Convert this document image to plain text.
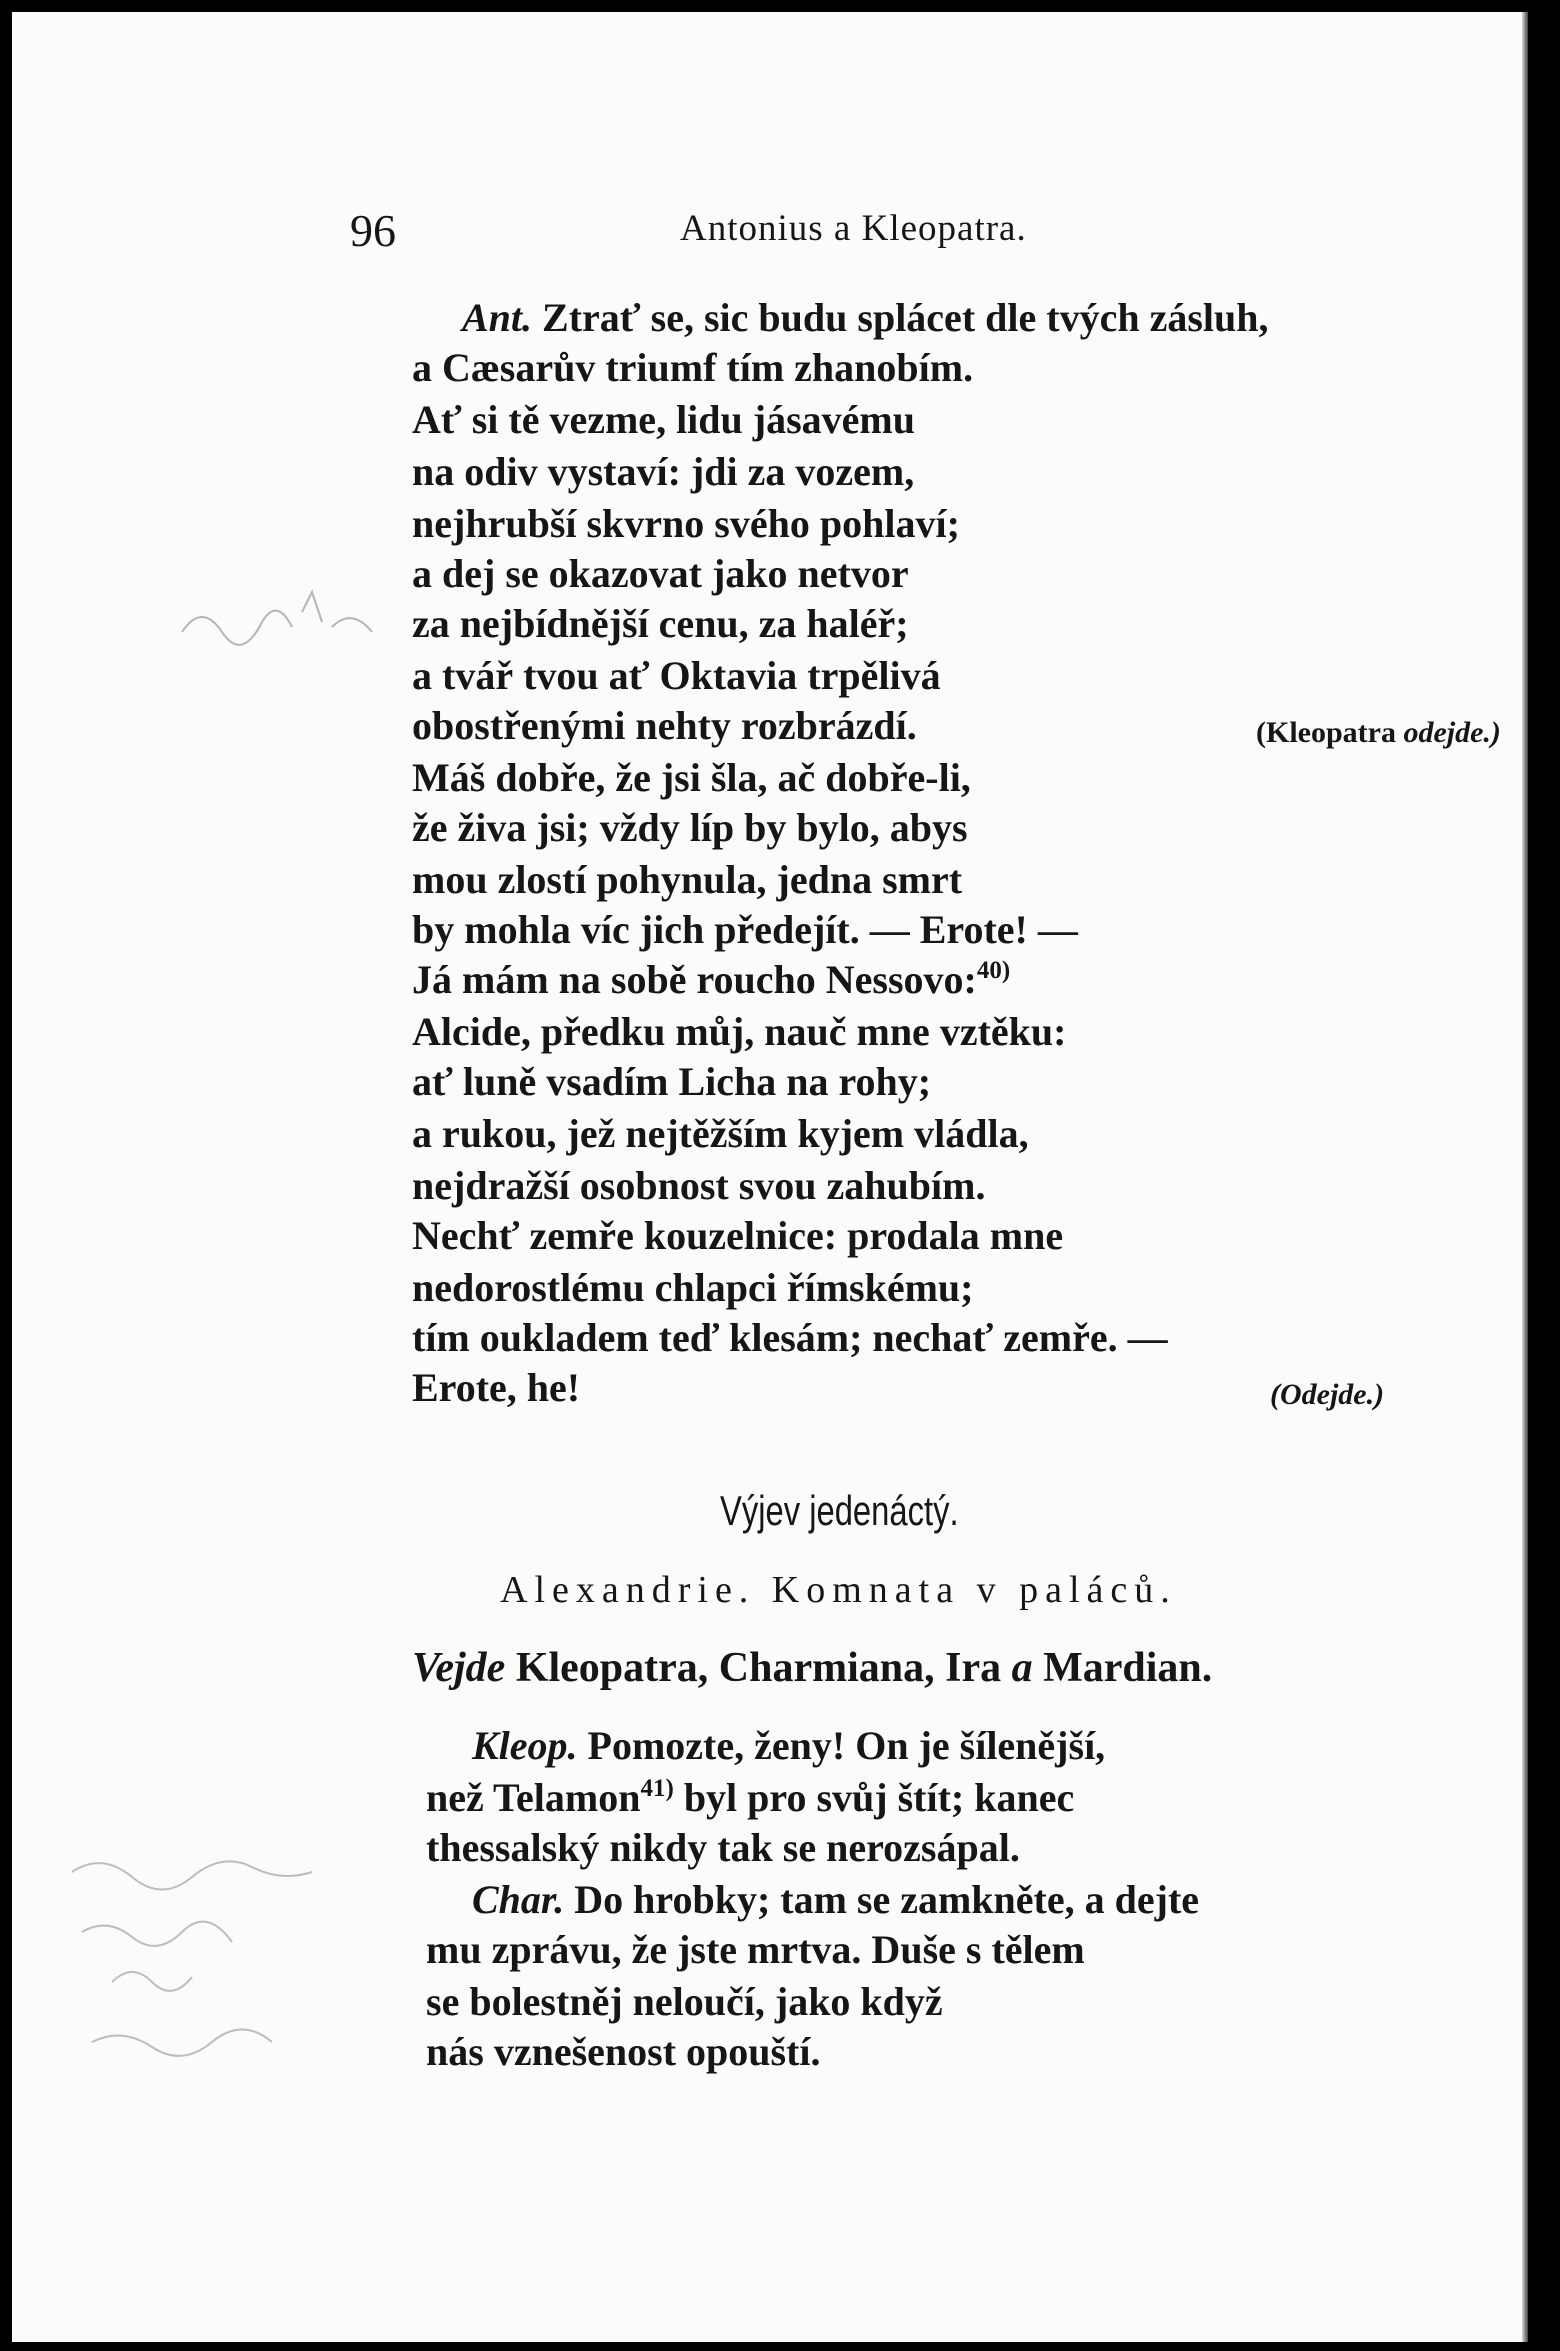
96	Antonius a Kleopatra.
Ant. Ztrať se, sic budu splácet dle tvých zásluh,
a Cæsarův triumf tím zhanobím.
Ať si tě vezme, lidu jásavému
na odiv vystaví: jdi za vozem,
nejhrubší skvrno svého pohlaví;
a dej se okazovat jako netvor
za nejbídnější cenu, za haléř;
a tvář tvou ať Oktavia trpělivá
obostřenými nehty rozbrázdí.	(Kleopatra odejde.)
Máš dobře, že jsi šla, ač dobře-li,
že živa jsi; vždy líp by bylo, abys
mou zlostí pohynula, jedna smrt
by mohla víc jich předejít. — Erote! —
Já mám na sobě roucho Nessovo:$^{40)}$
Alcide, předku můj, nauč mne vztěku:
ať luně vsadím Licha na rohy;
a rukou, jež nejtěžším kyjem vládla,
nejdražší osobnost svou zahubím.
Nechť zemře kouzelnice: prodala mne
nedorostlému chlapci římskému;
tím oukladem teď klesám; nechať zemře. —
Erote, he!	(Odejde.)
Výjev jedenáctý.
Alexandrie. Komnata v paláců.
Vejde Kleopatra, Charmiana, Ira a Mardian.
Kleop. Pomozte, ženy! On je šílenější,
než Telamon$^{41)}$ byl pro svůj štít; kanec
thessalský nikdy tak se nerozsápal.
Char. Do hrobky; tam se zamkněte, a dejte
mu zprávu, že jste mrtva. Duše s tělem
se bolestněj neloučí, jako když
nás vznešenost opouští.
